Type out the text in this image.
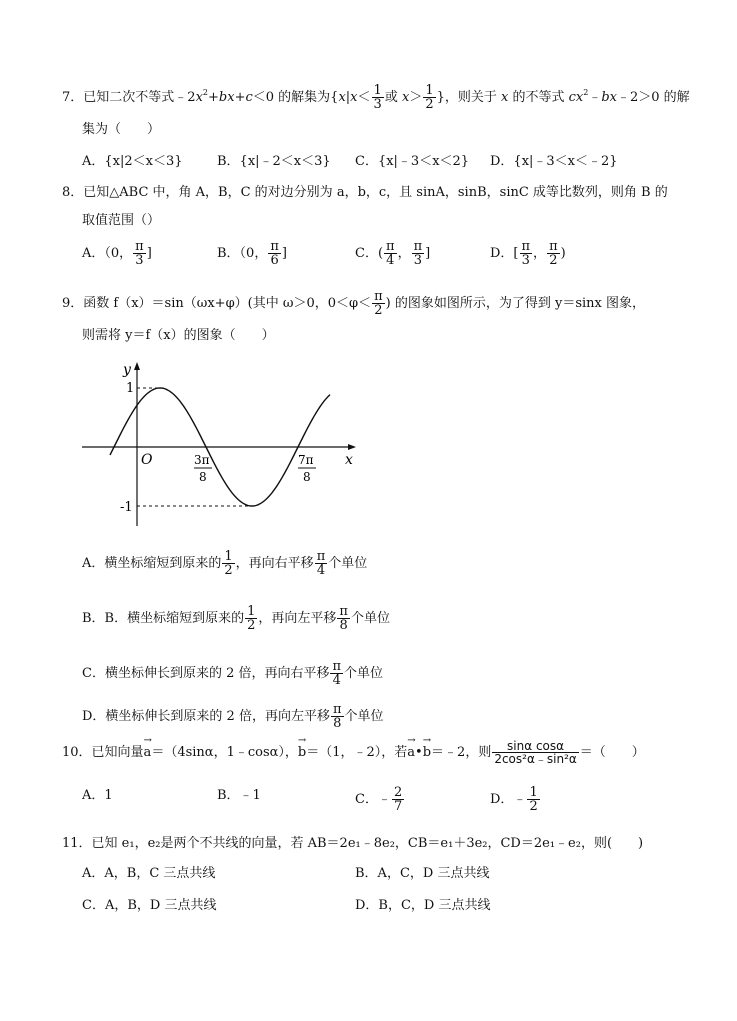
7．已知二次不等式$﹣2x^2+bx+c<0$ 的解集为{$x|x< \frac{1}{3}$ 或 $x> \frac{1}{2}$ }，则关于 x 的不等式 $cx^2﹣bx﹣2>0$ 的解
集为（　　）
A．{x|2＜x＜3}	B．{x|﹣2＜x＜3} C．{x|﹣3＜x＜2} D．{x|﹣3＜x＜﹣2}
8．已知△ABC 中，角 A，B，C 的对边分别为 a，b，c，且 sinA，sinB，sinC 成等比数列，则角 B 的
取值范围（）
A．（0， $\frac{\pi}{3}$ ]	B．（0， $\frac{\pi}{6}$ ]	C．( $\frac{\pi}{4}$ ， $\frac{\pi}{3}$ ]	D．[ $\frac{\pi}{3}$ ， $\frac{\pi}{2}$ )
9．函数 f（x）＝sin（ωx+φ）(其中 ω＞0，$0<\varphi< \frac{\pi}{2}$ ) 的图象如图所示，为了得到 y＝sinx 图象，
则需将 y＝f（x）的图象（　　）
y
x
O
1
-1
3π
8
7π
8
A．横坐标缩短到原来的 $\frac{1}{2}$ ，再向右平移 $\frac{\pi}{4}$ 个单位
B．B．横坐标缩短到原来的 $\frac{1}{2}$ ，再向左平移 $\frac{\pi}{8}$ 个单位
C．横坐标伸长到原来的 2 倍，再向右平移 $\frac{\pi}{4}$ 个单位
D．横坐标伸长到原来的 2 倍，再向左平移 $\frac{\pi}{8}$ 个单位
10．已知向量→ a＝（4sinα，1﹣cosα），→ b＝（1，﹣2），若→ a•→ b＝﹣2，则 $\frac{\text{sinα cosα}}{\text{2cos²α﹣sin²α}}$ ＝（　　）
A．1	B．﹣1	C．﹣ $\frac{2}{7}$	D．﹣ $\frac{1}{2}$
11．已知 e₁，e₂是两个不共线的向量，若 AB＝2e₁﹣8e₂，CB＝e₁＋3e₂，CD＝2e₁﹣e₂，则(　　)
A．A，B，C 三点共线	B．A，C，D 三点共线
C．A，B，D 三点共线	D．B，C，D 三点共线
